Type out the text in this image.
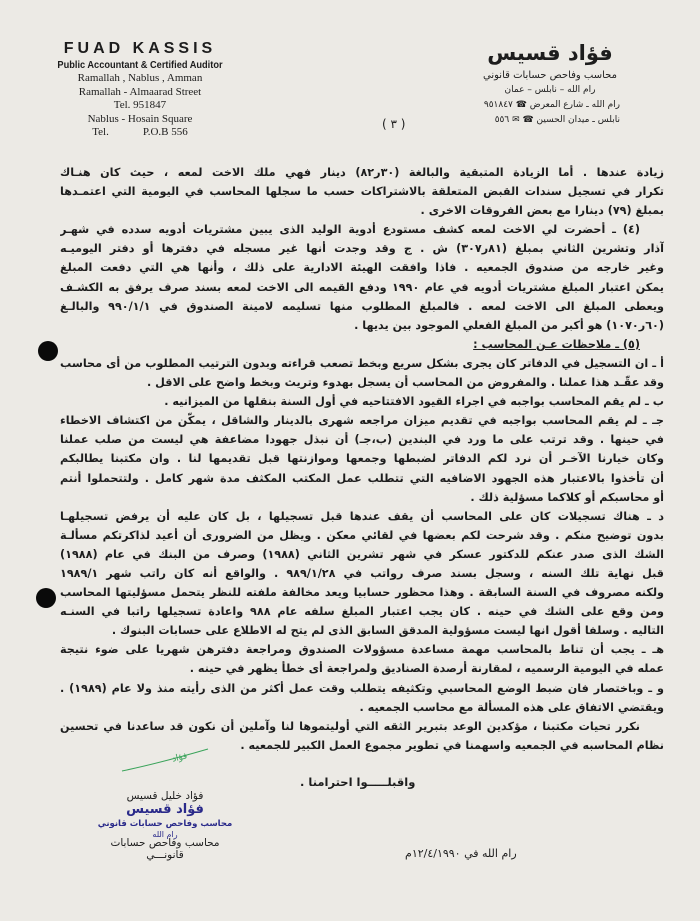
FUAD KASSIS
Public Accountant & Certified Auditor
Ramallah , Nablus , Amman
Ramallah - Almaarad Street
Tel. 951847
Nablus - Hosain Square
Tel.	P.O.B 556
فؤاد قسيس
محاسب وفاحص حسابات قانوني
رام الله – نابلس – عمان
رام الله ـ شارع المعرض ☎ ٩٥١٨٤٧
نابلس ـ ميدان الحسين ☎ ✉ ٥٥٦
( ٣ )
زيادة عندها . أما الزيادة المتبقية والبالغة (٣٠ر٨٢) دينار فهي ملك الاخت لمعه ، حيث كان هنـاك
تكرار في تسجيل سندات القبض المتعلقة بالاشتراكات حسب ما سجلها المحاسب في اليومية التي اعتمـدها
بمبلغ (٧٩) دينارا مع بعض الفروقات الاخرى .
(٤) ـ أحضرت لي الاخت لمعه كشف مستودع أدوية الوليد الذى يبين مشتريات أدويه سدده في شهـر
آذار وتشرين الثاني بمبلغ (٨١ر٣٠٧) ش . ج وقد وجدت أنها غير مسجله في دفترها أو دفتر اليوميـه
وغير خارجه من صندوق الجمعيه . فاذا وافقت الهيئة الادارية على ذلك ، وأنها هي التي دفعت المبلغ
يمكن اعتبار المبلغ مشتريات أدويه في عام ١٩٩٠ ودفع القيمه الى الاخت لمعه بسند صرف يرفق به الكشـف
ويعطى المبلغ الى الاخت لمعه . فالمبلغ المطلوب منها تسليمه لامينة الصندوق في ٩٩٠/١/١ والبالـغ
(٦٠ر١٠٧٠) هو أكبر من المبلغ الفعلي الموجود بين يديها .
(٥) ـ ملاحظات عـن المحاسب :
أ ـ ان التسجيل في الدفاتر كان يجرى بشكل سريع وبخط تصعب قراءته وبدون الترتيب المطلوب من أى محاسب
وقد عقّـد هذا عملنا . والمفروض من المحاسب أن يسجل بهدوء وتريث وبخط واضح على الاقل .
ب ـ لم يقم المحاسب بواجبه في اجراء القيود الافتتاحيه في أول السنة بنقلها من الميزانيه .
جـ ـ لم يقم المحاسب بواجبه في تقديم ميزان مراجعه شهرى بالدينار والشاقل ، يمكّن من اكتشاف الاخطاء
في حينها . وقد ترتب على ما ورد في البندين (ب،جـ) أن نبذل جهودا مضاعفة هي ليست من صلب عملنا
وكان خيارنا الآخـر أن نرد لكم الدفاتر لضبطها وجمعها وموازنتها قبل تقديمها لنا . وان مكتبنا يطالبكم
أن تأخذوا بالاعتبار هذه الجهود الاضافيه التي تتطلب عمل المكتب المكثف مدة شهر كامل . ولتتحملوا أنتم
أو محاسبكم أو كلاكما مسؤلية ذلك .
د ـ هناك تسجيلات كان على المحاسب أن يقف عندها قبل تسجيلها ، بل كان عليه أن يرفض تسجيلهـا
بدون توضيح منكم . وقد شرحت لكم بعضها في لقائي معكن . ويظل من الضرورى أن أعيد لذاكرتكم مسألـة
الشك الذى صدر عنكم للدكتور عسكر في شهر تشرين الثاني (١٩٨٨) وصرف من البنك في عام (١٩٨٨)
قبل نهاية تلك السنه ، وسجل بسند صرف رواتب في ٩٨٩/١/٢٨ . والواقع أنه كان راتب شهر ١٩٨٩/١
ولكنه مصروف في السنة السابقة . وهذا محظور حسابيا ويعد مخالفة ملفته للنظر يتحمل مسؤليتها المحاسب
ومن وقع على الشك في حينه . كان يجب اعتبار المبلغ سلفه عام ٩٨٨ واعادة تسجيلها راتبا في السنـه
التاليه . وسلفا أقول انها ليست مسؤولية المدقق السابق الذى لم يتح له الاطلاع على حسابات البنوك .
هـ ـ يجب أن تناط بالمحاسب مهمة مساعدة مسؤولات الصندوق ومراجعة دفترهن شهريا على ضوء نتيجة
عمله في اليومية الرسميه ، لمقارنة أرصدة الصناديق ولمراجعة أى خطأ يظهر في حينه .
و ـ وباختصار فان ضبط الوضع المحاسبي وتكثيفه يتطلب وقت عمل أكثر من الذى رأيته منذ ولا عام (١٩٨٩) .
ويقتضي الاتفاق على هذه المسألة مع محاسب الجمعيه .
نكرر تحيات مكتبنا ، مؤكدين الوعد بتبرير الثقه التي أوليتموها لنا وآملين أن نكون قد ساعدنا في تحسين
نظام المحاسبه في الجمعيه واسهمنا في تطوير مجموع العمل الكبير للجمعيه .
فؤاد
واقبلـــــوا احترامنا .
فؤاد خليل قسيس
فؤاد قسيس
محاسب وفاحص حسابات قانوني
رام الله
محاسب وفاحص حسابات قانونـــي	رام الله في ١٢/٤/١٩٩٠م
